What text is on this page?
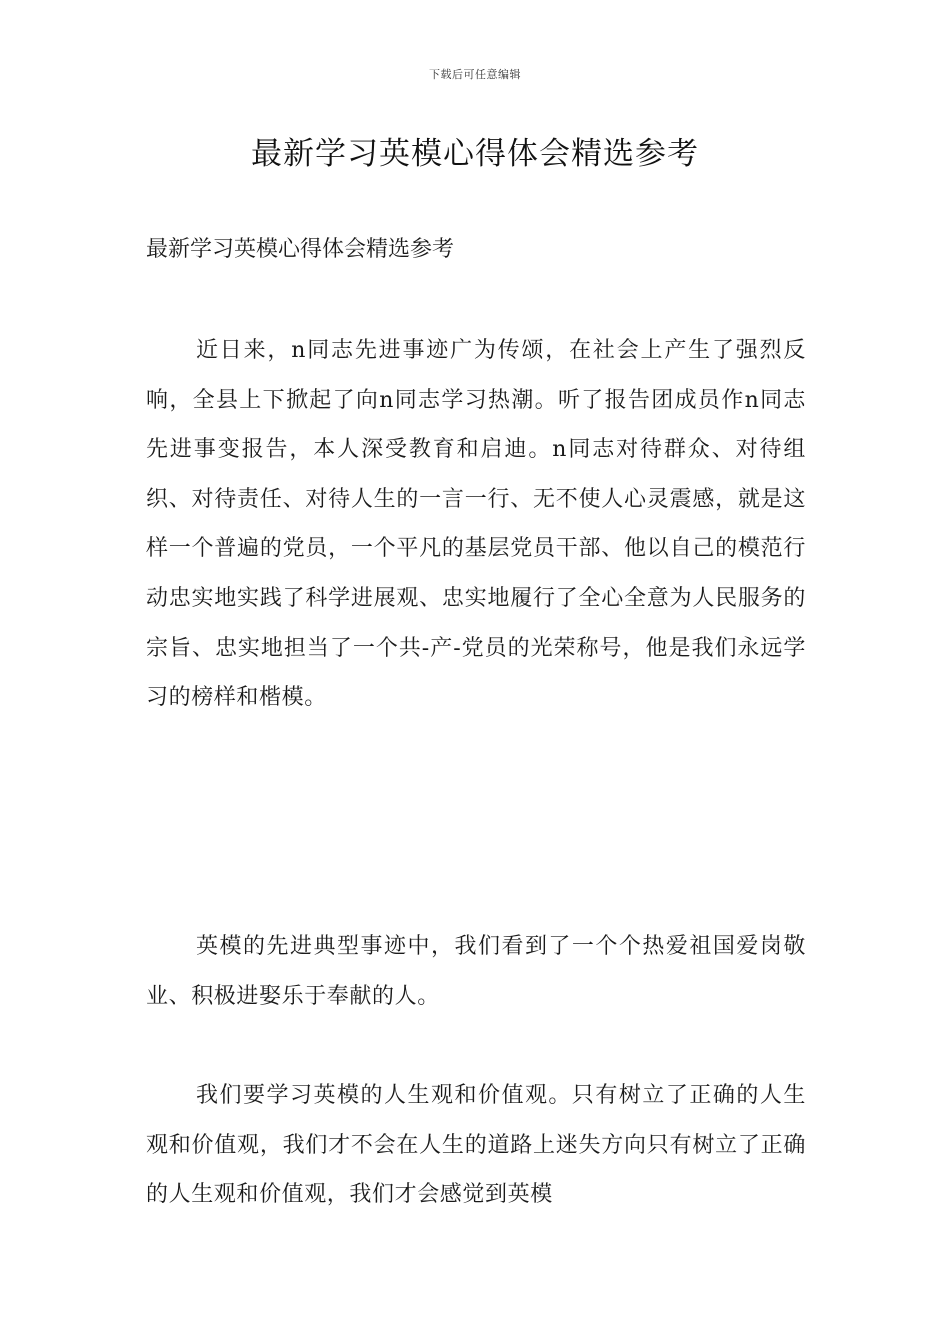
下载后可任意编辑
最新学习英模心得体会精选参考

最新学习英模心得体会精选参考

近日来，n同志先进事迹广为传颂，在社会上产生了强烈反响，全县上下掀起了向n同志学习热潮。听了报告团成员作n同志先进事变报告，本人深受教育和启迪。n同志对待群众、对待组织、对待责任、对待人生的一言一行、无不使人心灵震感，就是这样一个普遍的党员，一个平凡的基层党员干部、他以自己的模范行动忠实地实践了科学进展观、忠实地履行了全心全意为人民服务的宗旨、忠实地担当了一个共-产-党员的光荣称号，他是我们永远学习的榜样和楷模。

英模的先进典型事迹中，我们看到了一个个热爱祖国爱岗敬业、积极进娶乐于奉献的人。

我们要学习英模的人生观和价值观。只有树立了正确的人生观和价值观，我们才不会在人生的道路上迷失方向只有树立了正确的人生观和价值观，我们才会感觉到英模
